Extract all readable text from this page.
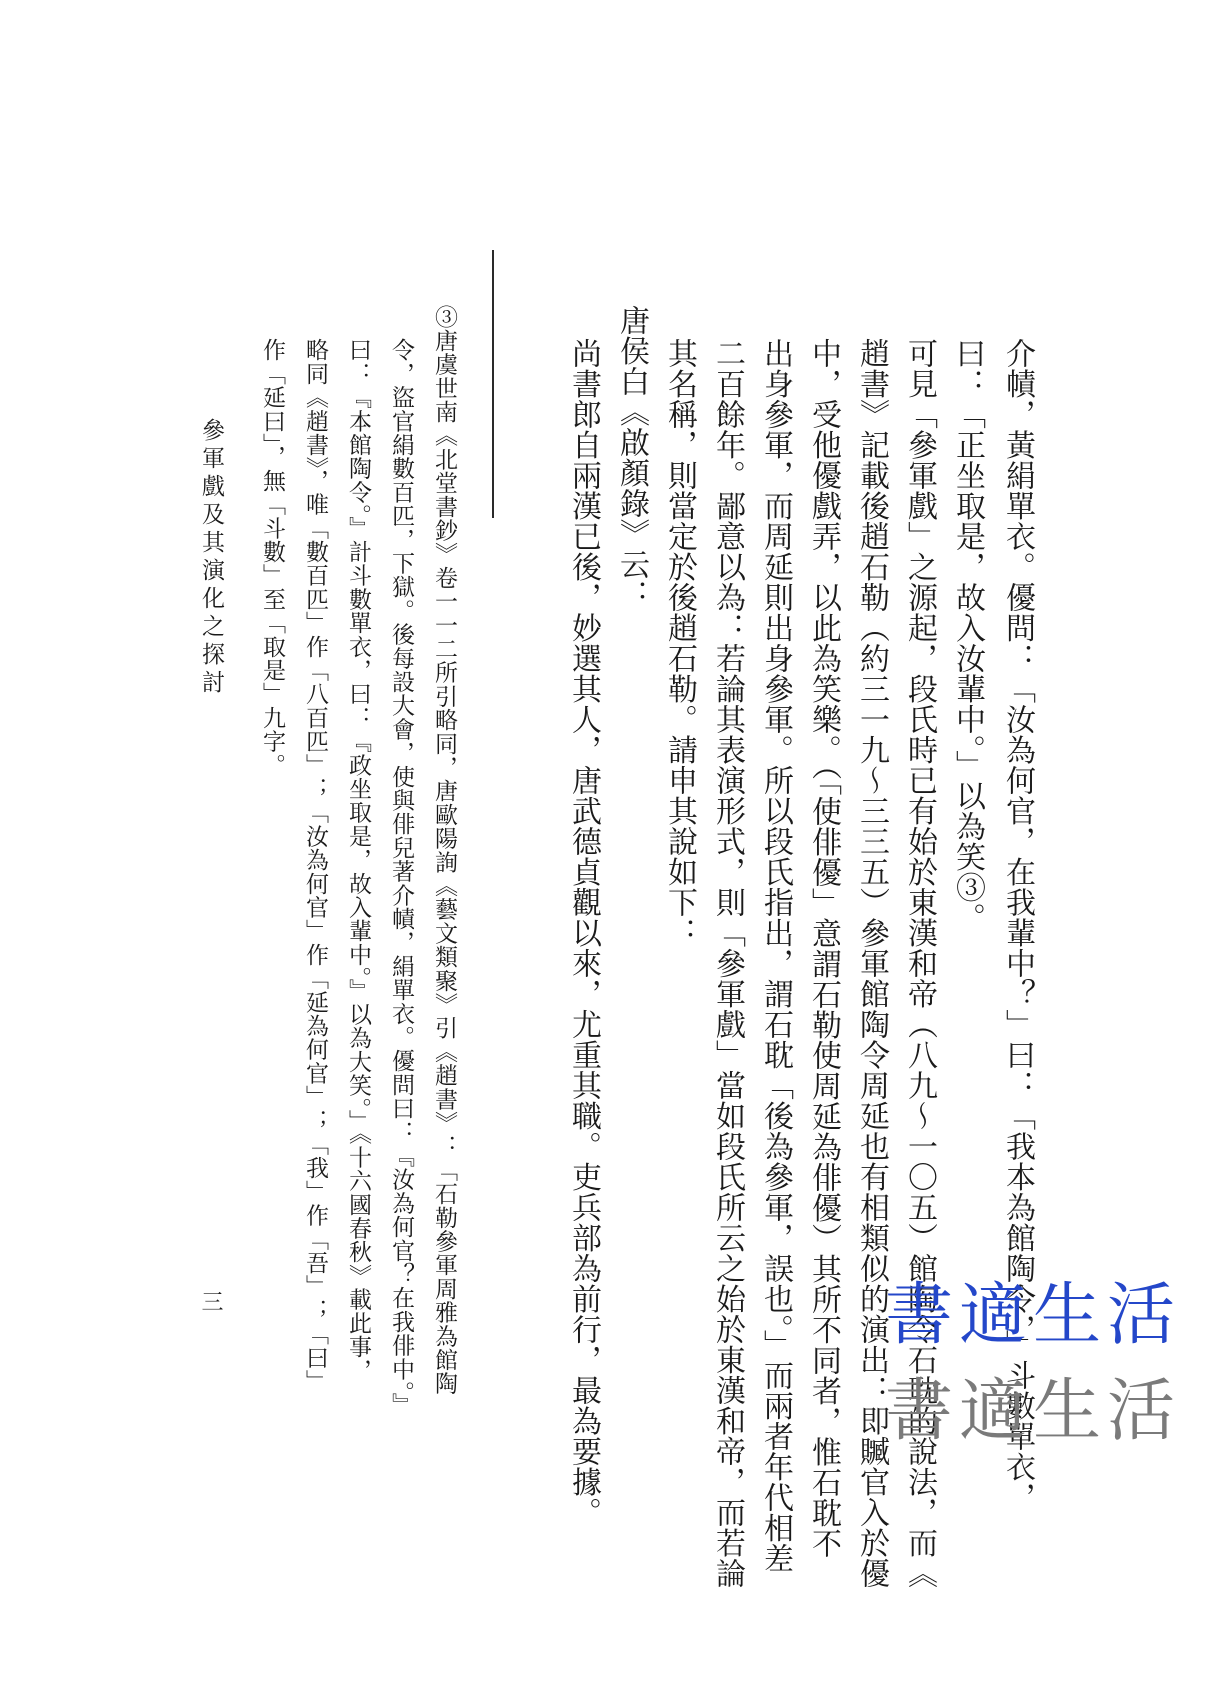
介幘，黃絹單衣。優問：「汝為何官，在我輩中？」曰：「我本為館陶令，」斗數單衣，
曰：「正坐取是，故入汝輩中。」以為笑③。
可見「參軍戲」之源起，段氏時已有始於東漢和帝（八九～一〇五）館陶令石耽的說法，而《
趙書》記載後趙石勒（約三一九～三三五）參軍館陶令周延也有相類似的演出：即贓官入於優
中，受他優戲弄，以此為笑樂。（「使俳優」意謂石勒使周延為俳優）其所不同者，惟石耽不
出身參軍，而周延則出身參軍。所以段氏指出，謂石耽「後為參軍，誤也。」而兩者年代相差
二百餘年。鄙意以為：若論其表演形式，則「參軍戲」當如段氏所云之始於東漢和帝，而若論
其名稱，則當定於後趙石勒。請申其說如下：
唐侯白《啟顏錄》云：
尚書郎自兩漢已後，妙選其人，唐武德貞觀以來，尤重其職。吏兵部為前行，最為要據。
③唐虞世南《北堂書鈔》卷一一二所引略同，唐歐陽詢《藝文類聚》引《趙書》：「石勒參軍周雅為館陶
令，盜官絹數百匹，下獄。後每設大會，使與俳兒著介幘，絹單衣。優問曰：『汝為何官？在我俳中。』
曰：『本館陶令。』計斗數單衣，曰：『政坐取是，故入輩中。』以為大笑。」《十六國春秋》載此事，
略同《趙書》，唯「數百匹」作「八百匹」；「汝為何官」作「延為何官」；「我」作「吾」；「曰」
作「延曰」，無「斗數」至「取是」九字。
參軍戲及其演化之探討
三	書適生活
書適生活
